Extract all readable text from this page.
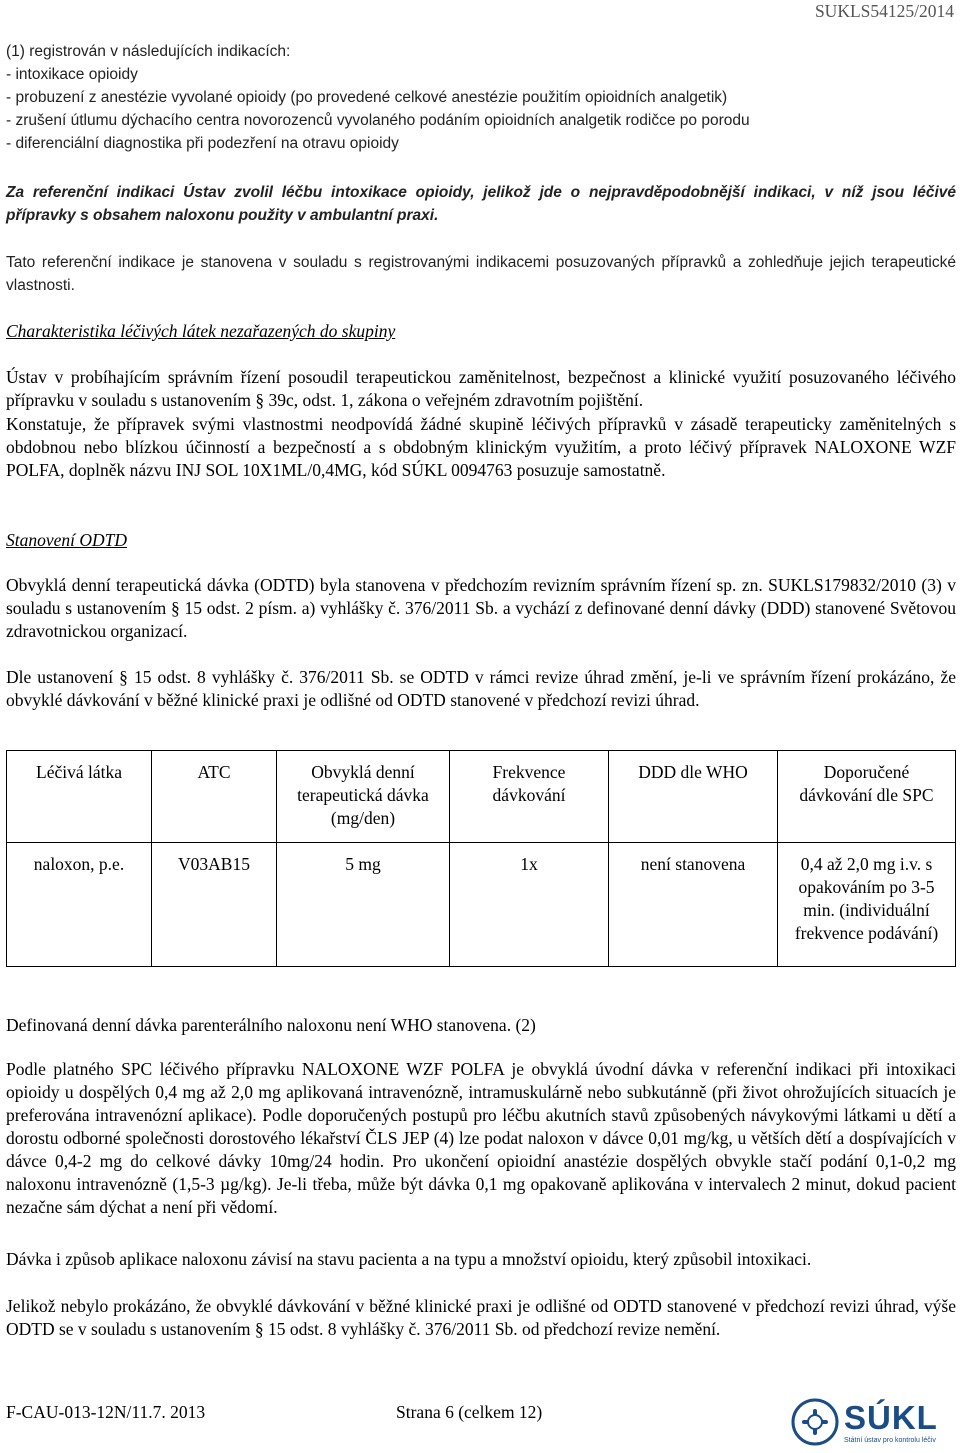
SUKLS54125/2014
(1) registrován v následujících indikacích:
- intoxikace opioidy
- probuzení z anestézie vyvolané opioidy (po provedené celkové anestézie použitím opioidních analgetik)
- zrušení útlumu dýchacího centra novorozenců vyvolaného podáním opioidních analgetik rodičce po porodu
- diferenciální diagnostika při podezření na otravu opioidy
Za referenční indikaci Ústav zvolil léčbu intoxikace opioidy, jelikož jde o nejpravděpodobnější indikaci, v níž jsou léčivé přípravky s obsahem naloxonu použity v ambulantní praxi.
Tato referenční indikace je stanovena v souladu s registrovanými indikacemi posuzovaných přípravků a zohledňuje jejich terapeutické vlastnosti.
Charakteristika léčivých látek nezařazených do skupiny
Ústav v probíhajícím správním řízení posoudil terapeutickou zaměnitelnost, bezpečnost a klinické využití posuzovaného léčivého přípravku v souladu s ustanovením § 39c, odst. 1, zákona o veřejném zdravotním pojištění.
Konstatuje, že přípravek svými vlastnostmi neodpovídá žádné skupině léčivých přípravků v zásadě terapeuticky zaměnitelných s obdobnou nebo blízkou účinností a bezpečností a s obdobným klinickým využitím, a proto léčivý přípravek NALOXONE WZF POLFA, doplněk názvu INJ SOL 10X1ML/0,4MG, kód SÚKL 0094763 posuzuje samostatně.
Stanovení ODTD
Obvyklá denní terapeutická dávka (ODTD) byla stanovena v předchozím revizním správním řízení sp. zn. SUKLS179832/2010 (3) v souladu s ustanovením § 15 odst. 2 písm. a) vyhlášky č. 376/2011 Sb. a vychází z definované denní dávky (DDD) stanovené Světovou zdravotnickou organizací.
Dle ustanovení § 15 odst. 8 vyhlášky č. 376/2011 Sb. se ODTD v rámci revize úhrad změní, je-li ve správním řízení prokázáno, že obvyklé dávkování v běžné klinické praxi je odlišné od ODTD stanovené v předchozí revizi úhrad.
Léčivá látka	ATC	Obvyklá denní terapeutická dávka (mg/den)	Frekvence dávkování	DDD dle WHO	Doporučené dávkování dle SPC
naloxon, p.e.	V03AB15	5 mg	1x	není stanovena	0,4 až 2,0 mg i.v. s opakováním po 3-5 min. (individuální frekvence podávání)
Definovaná denní dávka parenterálního naloxonu není WHO stanovena. (2)
Podle platného SPC léčivého přípravku NALOXONE WZF POLFA je obvyklá úvodní dávka v referenční indikaci při intoxikaci opioidy u dospělých 0,4 mg až 2,0 mg aplikovaná intravenózně, intramuskulárně nebo subkutánně (při život ohrožujících situacích je preferována intravenózní aplikace). Podle doporučených postupů pro léčbu akutních stavů způsobených návykovými látkami u dětí a dorostu odborné společnosti dorostového lékařství ČLS JEP (4) lze podat naloxon v dávce 0,01 mg/kg, u větších dětí a dospívajících v dávce 0,4-2 mg do celkové dávky 10mg/24 hodin. Pro ukončení opioidní anastézie dospělých obvykle stačí podání 0,1-0,2 mg naloxonu intravenózně (1,5-3 µg/kg). Je-li třeba, může být dávka 0,1 mg opakovaně aplikována v intervalech 2 minut, dokud pacient nezačne sám dýchat a není při vědomí.
Dávka i způsob aplikace naloxonu závisí na stavu pacienta a na typu a množství opioidu, který způsobil intoxikaci.
Jelikož nebylo prokázáno, že obvyklé dávkování v běžné klinické praxi je odlišné od ODTD stanovené v předchozí revizi úhrad, výše ODTD se v souladu s ustanovením § 15 odst. 8 vyhlášky č. 376/2011 Sb. od předchozí revize nemění.
F-CAU-013-12N/11.7. 2013	Strana 6 (celkem 12)	SÚKL
Státní ústav pro kontrolu léčiv
